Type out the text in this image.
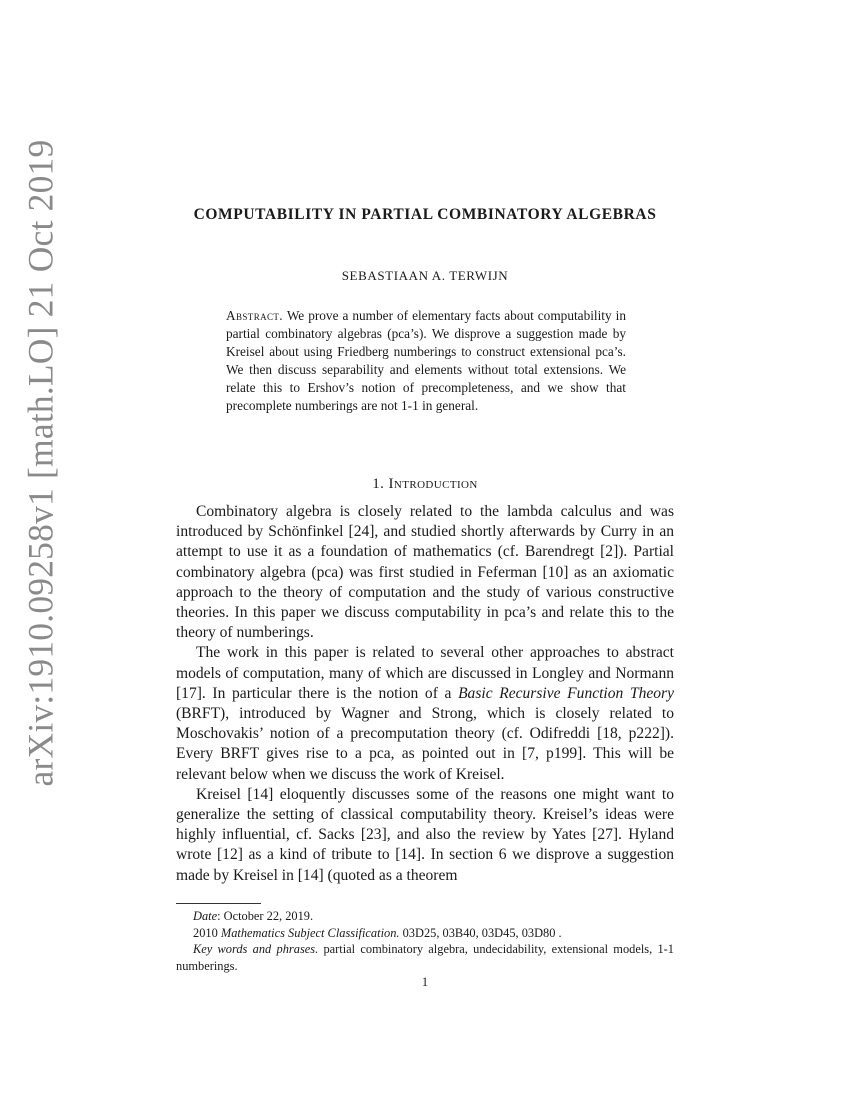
arXiv:1910.09258v1 [math.LO] 21 Oct 2019	COMPUTABILITY IN PARTIAL COMBINATORY ALGEBRAS
SEBASTIAAN A. TERWIJN
Abstract. We prove a number of elementary facts about computability in partial combinatory algebras (pca’s). We disprove a suggestion made by Kreisel about using Friedberg numberings to construct extensional pca’s. We then discuss separability and elements without total extensions. We relate this to Ershov’s notion of precompleteness, and we show that precomplete numberings are not 1-1 in general.
1. Introduction

Combinatory algebra is closely related to the lambda calculus and was introduced by Schönfinkel [24], and studied shortly afterwards by Curry in an attempt to use it as a foundation of mathematics (cf. Barendregt [2]). Partial combinatory algebra (pca) was first studied in Feferman [10] as an axiomatic approach to the theory of computation and the study of various constructive theories. In this paper we discuss computability in pca’s and relate this to the theory of numberings.

The work in this paper is related to several other approaches to abstract models of computation, many of which are discussed in Longley and Normann [17]. In particular there is the notion of a Basic Recursive Function Theory (BRFT), introduced by Wagner and Strong, which is closely related to Moschovakis’ notion of a precomputation theory (cf. Odifreddi [18, p222]). Every BRFT gives rise to a pca, as pointed out in [7, p199]. This will be relevant below when we discuss the work of Kreisel.

Kreisel [14] eloquently discusses some of the reasons one might want to generalize the setting of classical computability theory. Kreisel’s ideas were highly influential, cf. Sacks [23], and also the review by Yates [27]. Hyland wrote [12] as a kind of tribute to [14]. In section 6 we disprove a suggestion made by Kreisel in [14] (quoted as a theorem

Date: October 22, 2019.

2010 Mathematics Subject Classification. 03D25, 03B40, 03D45, 03D80 .

Key words and phrases. partial combinatory algebra, undecidability, extensional models, 1-1 numberings.

1
